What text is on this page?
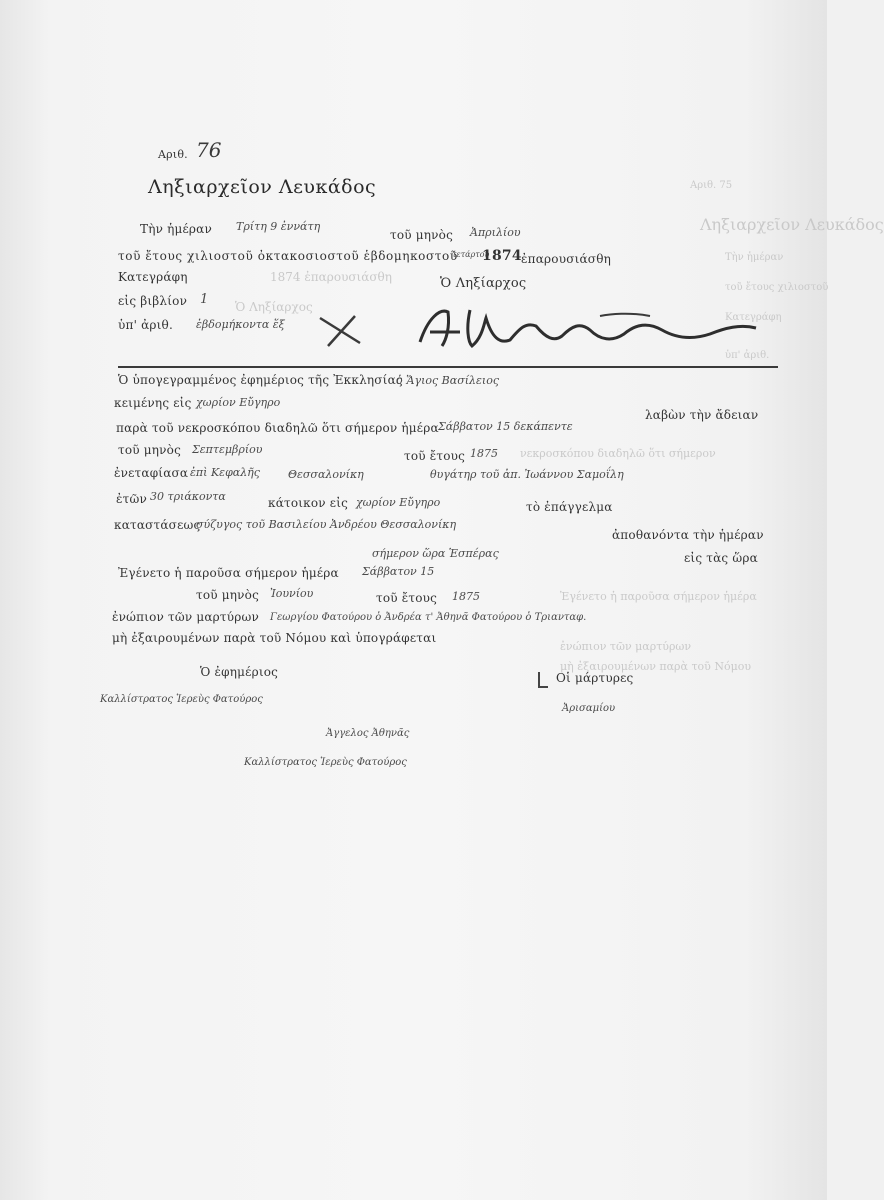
Αριθ. 75
Ληξιαρχεῖον Λευκάδος
Τὴν ἡμέραν
τοῦ ἔτους χιλιοστοῦ
Κατεγράφη
ὑπ' ἀριθ.
1874 ἐπαρουσιάσθη
Ὁ Ληξίαρχος
νεκροσκόπου διαδηλῶ ὅτι σήμερον
Ἐγένετο ἡ παροῦσα σήμερον ἡμέρα
ἐνώπιον τῶν μαρτύρων
μὴ ἐξαιρουμένων παρὰ τοῦ Νόμου
Αριθ. 76
Ληξιαρχεῖον Λευκάδος
Τὴν ἡμέραν Τρίτη 9 ἐννάτη
τοῦ μηνὸς Ἀπριλίου
τοῦ ἔτους χιλιοστοῦ ὀκτακοσιοστοῦ ἑβδομηκοστοῦ
τετάρτου
1874 ἐπαρουσιάσθη
Κατεγράφη	Ὁ Ληξίαρχος
εἰς βιβλίον 1
ὑπ' ἀριθ. ἑβδομήκοντα ἕξ
Ὁ ὑπογεγραμμένος ἐφημέριος τῆς Ἐκκλησίας
ὁ Ἅγιος Βασίλειος
κειμένης εἰς χωρίον Εὔγηρο
λαβὼν τὴν ἄδειαν
παρὰ τοῦ νεκροσκόπου διαδηλῶ ὅτι σήμερον ἡμέρα Σάββατον 15 δεκάπεντε
τοῦ μηνὸς Σεπτεμβρίου	τοῦ ἔτους 1875
ἐνεταφίασα ἐπὶ Κεφαλῆς	Θεσσαλονίκη	θυγάτηρ τοῦ ἀπ. Ἰωάννου Σαμοΐλη
ἐτῶν 30 τριάκοντα	κάτοικον εἰς χωρίον Εὔγηρο	τὸ ἐπάγγελμα
καταστάσεως
σύζυγος τοῦ Βασιλείου Ἀνδρέου Θεσσαλονίκη
ἀποθανόντα τὴν ἡμέραν
σήμερον ὥρα Ἑσπέρας	εἰς τὰς ὥρα
Ἐγένετο ἡ παροῦσα σήμερον ἡμέρα Σάββατον 15
τοῦ μηνὸς Ἰουνίου	τοῦ ἔτους 1875
ἐνώπιον τῶν μαρτύρων Γεωργίου Φατούρου ὁ Ἀνδρέα τ' Ἀθηνᾶ Φατούρου ὁ Τριανταφ.
μὴ ἐξαιρουμένων παρὰ τοῦ Νόμου καὶ ὑπογράφεται
Ὁ ἐφημέριος	Οἱ μάρτυρες
Καλλίστρατος Ἱερεὺς Φατούρος
Ἀρισαμίου
Ἀγγελος Ἀθηνᾶς
Καλλίστρατος Ἱερεὺς Φατούρος
